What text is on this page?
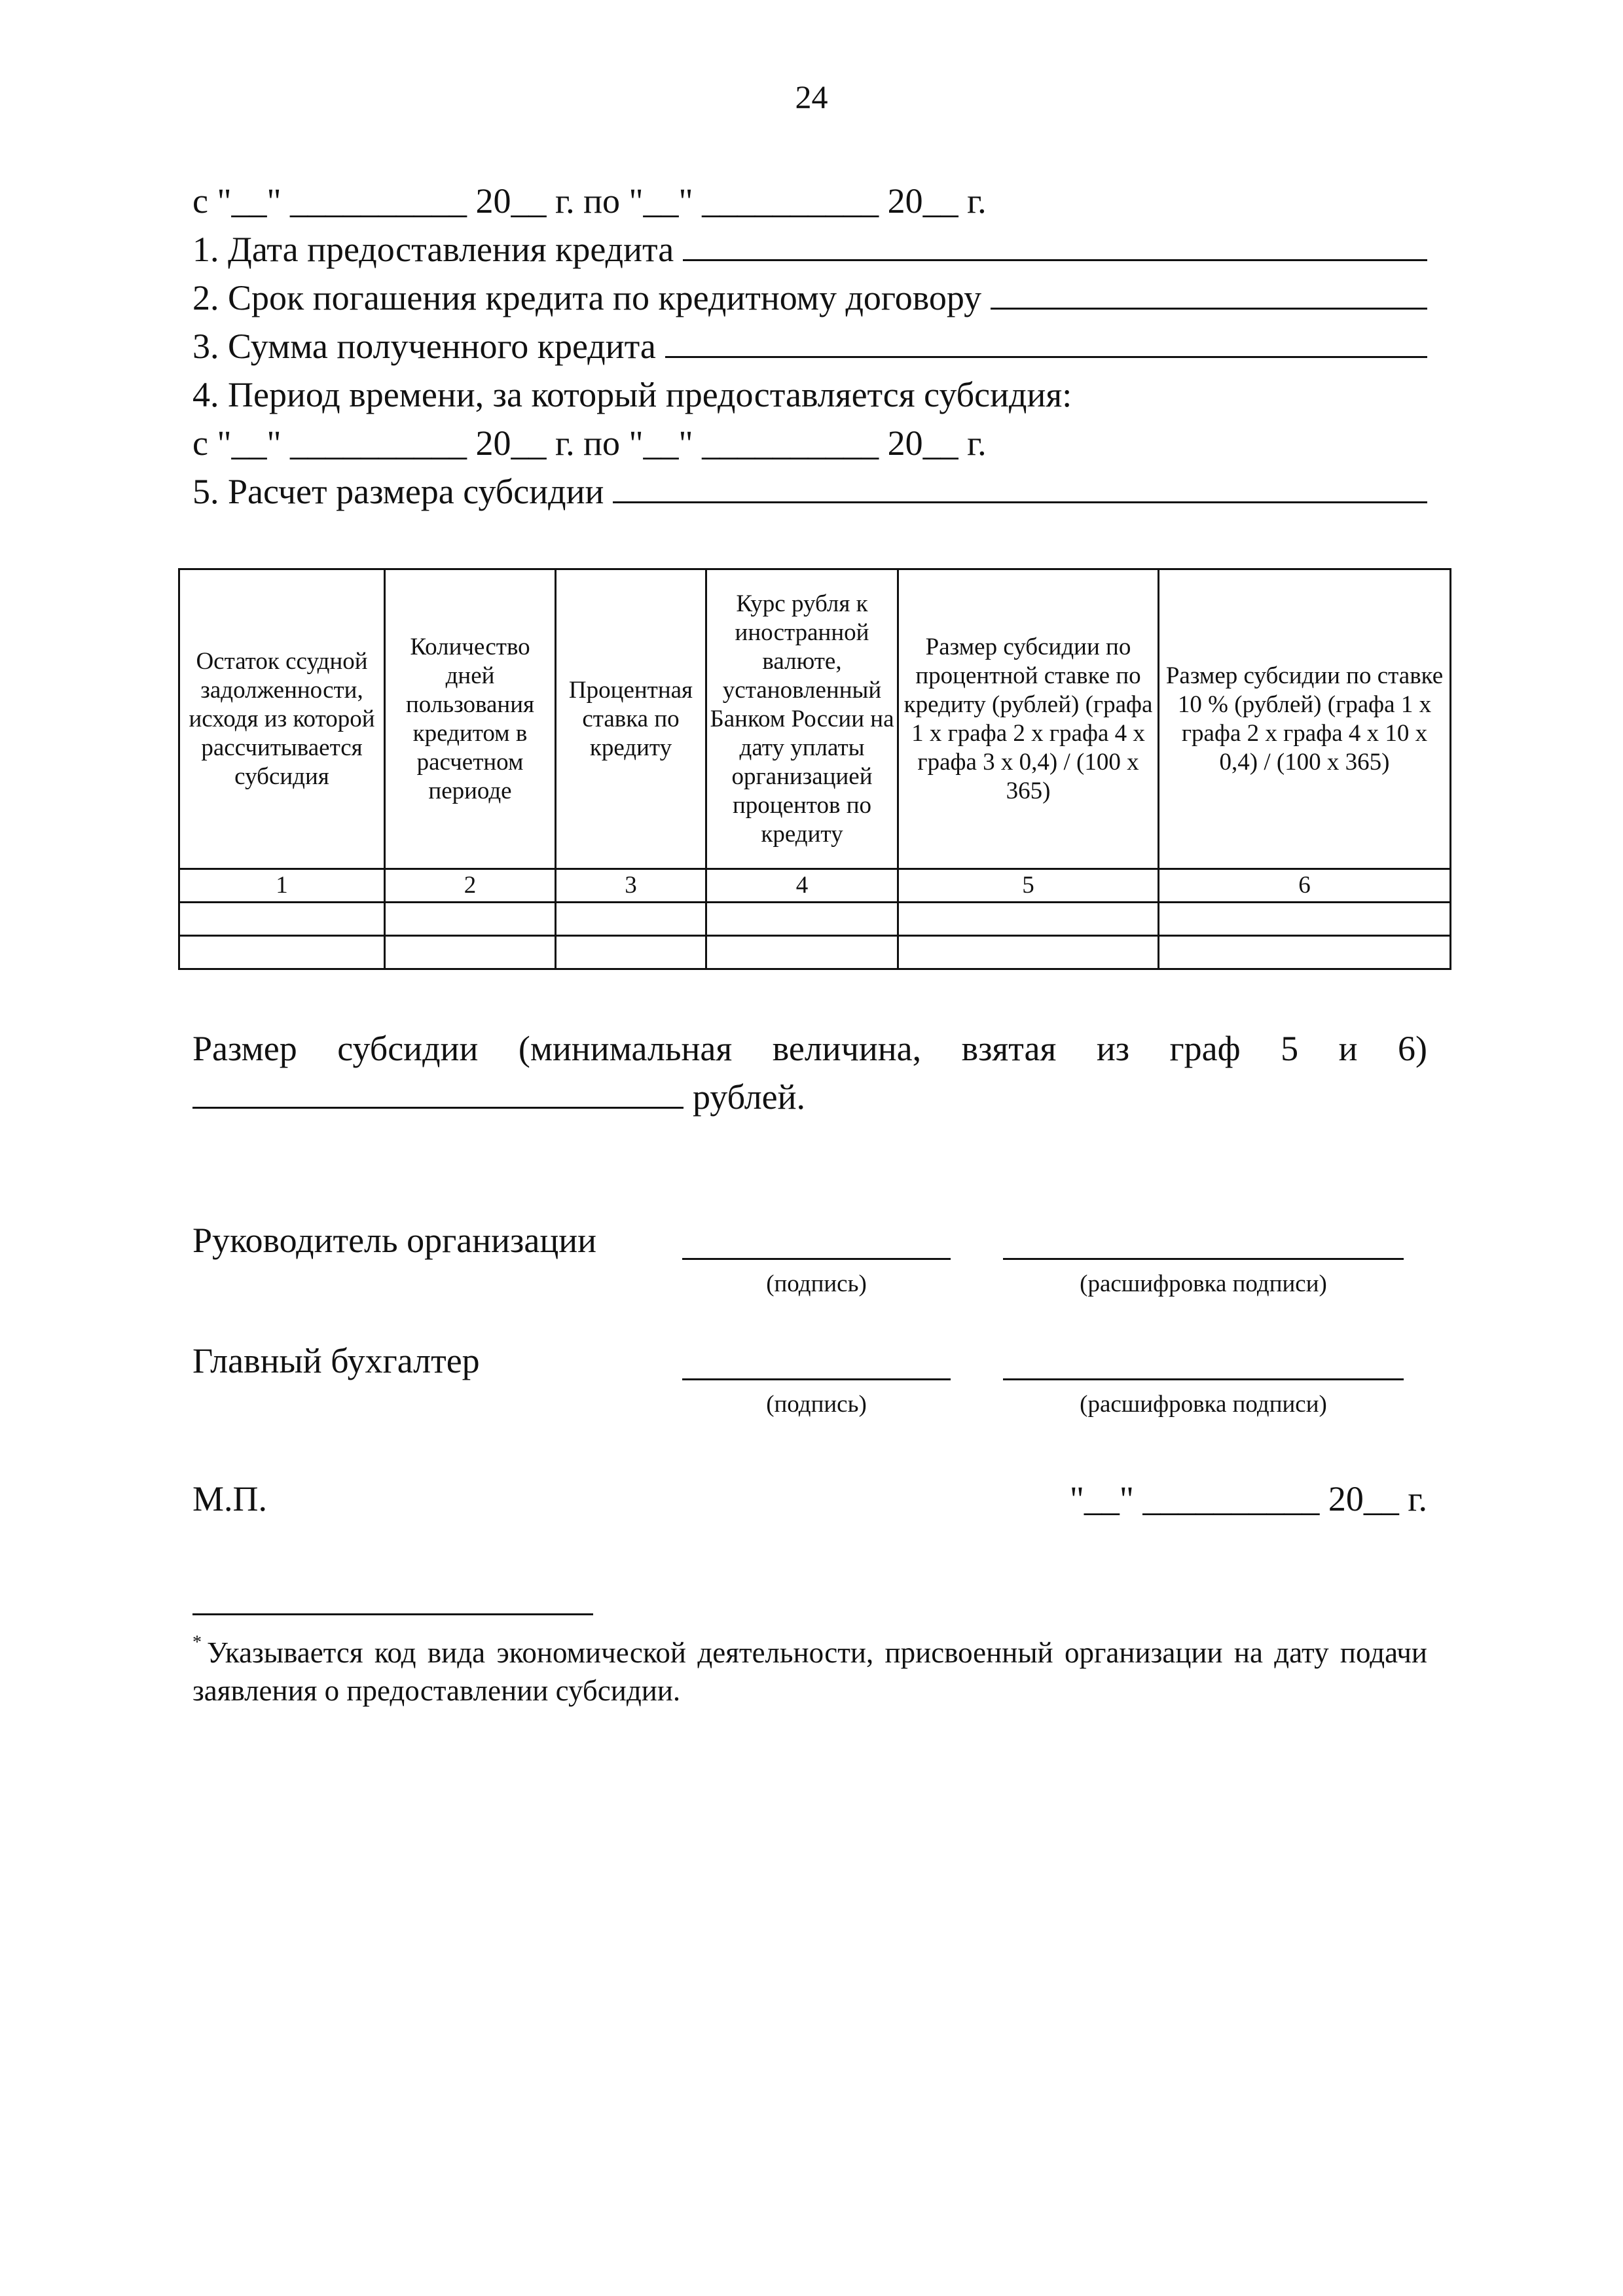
24
с "__" __________ 20__ г. по "__" __________ 20__ г.
1. Дата предоставления кредита
2. Срок погашения кредита по кредитному договору
3. Сумма полученного кредита
4. Период времени, за который предоставляется субсидия:
с "__" __________ 20__ г. по "__" __________ 20__ г.
5. Расчет размера субсидии
Остаток ссудной задолженности, исходя из которой рассчитывается субсидия	Количество дней пользования кредитом в расчетном периоде	Процентная ставка по кредиту	Курс рубля к иностранной валюте, установленный Банком России на дату уплаты организацией процентов по кредиту	Размер субсидии по процентной ставке по кредиту (рублей) (графа 1 x графа 2 x графа 4 x графа 3 x 0,4) / (100 x 365)	Размер субсидии по ставке 10 % (рублей) (графа 1 x графа 2 x графа 4 x 10 x 0,4) / (100 x 365)
1	2	3	4	5	6

Размер субсидии (минимальная величина, взятая из граф 5 и 6)
рублей.
Руководитель организации
(подпись)	(расшифровка подписи)
Главный бухгалтер
(подпись)	(расшифровка подписи)
М.П.	"__" __________ 20__ г.
* Указывается код вида экономической деятельности, присвоенный организации на дату подачи заявления о предоставлении субсидии.
